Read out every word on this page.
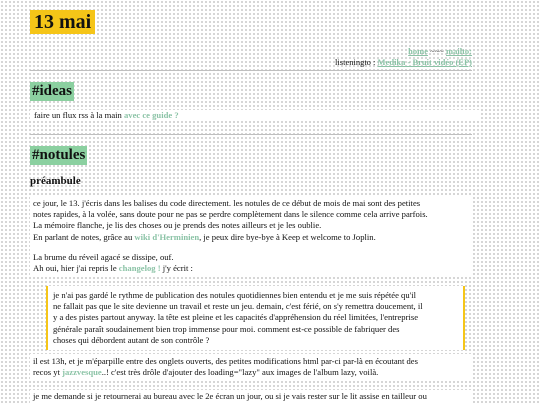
13 mai
home ~~~ mailto:
listeningto : Medika - Bruit vidéo (EP)
#ideas
faire un flux rss à la main avec ce guide ?
#notules
préambule

ce jour, le 13. j'écris dans les balises du code directement. les notules de ce début de mois de mai sont des petites

notes rapides, à la volée, sans doute pour ne pas se perdre complètement dans le silence comme cela arrive parfois.

La mémoire flanche, je lis des choses ou je prends des notes ailleurs et je les oublie.

En parlant de notes, grâce au wiki d'Herminien, je peux dire bye-bye à Keep et welcome to Joplin.

La brume du réveil agacé se dissipe, ouf.

Ah oui, hier j'ai repris le changelog ! j'y écrit :

je n'ai pas gardé le rythme de publication des notules quotidiennes bien entendu et je me suis répétée qu'il

ne fallait pas que le site devienne un travail et reste un jeu. demain, c'est férié, on s'y remettra doucement, il

y a des pistes partout anyway. la tête est pleine et les capacités d'appréhension du réel limitées, l'entreprise

générale paraît soudainement bien trop immense pour moi. comment est-ce possible de fabriquer des

choses qui débordent autant de son contrôle ?

il est 13h, et je m'éparpille entre des onglets ouverts, des petites modifications html par-ci par-là en écoutant des

recos yt jazzvesque..! c'est très drôle d'ajouter des loading="lazy" aux images de l'album lazy, voilà.

je me demande si je retournerai au bureau avec le 2e écran un jour, ou si je vais rester sur le lit assise en tailleur ou
